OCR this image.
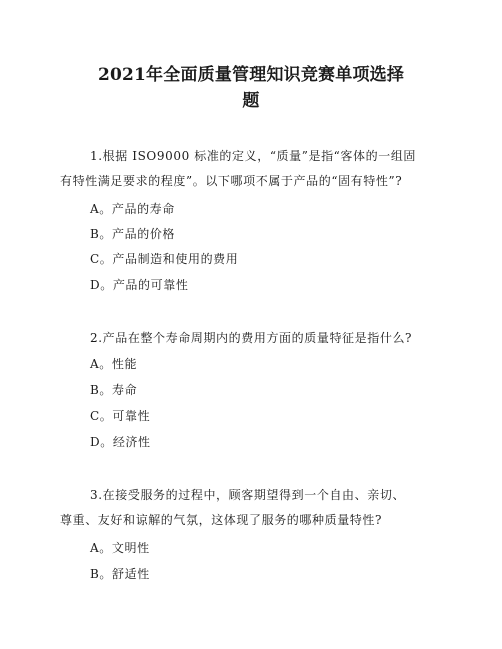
2021年全面质量管理知识竞赛单项选择
题
1.根据 ISO9000 标准的定义，“质量”是指“客体的一组固
有特性满足要求的程度”。以下哪项不属于产品的“固有特性”?
A。产品的寿命
B。产品的价格
C。产品制造和使用的费用
D。产品的可靠性
2.产品在整个寿命周期内的费用方面的质量特征是指什么?
A。性能
B。寿命
C。可靠性
D。经济性
3.在接受服务的过程中，顾客期望得到一个自由、亲切、
尊重、友好和谅解的气氛，这体现了服务的哪种质量特性?
A。文明性
B。舒适性
